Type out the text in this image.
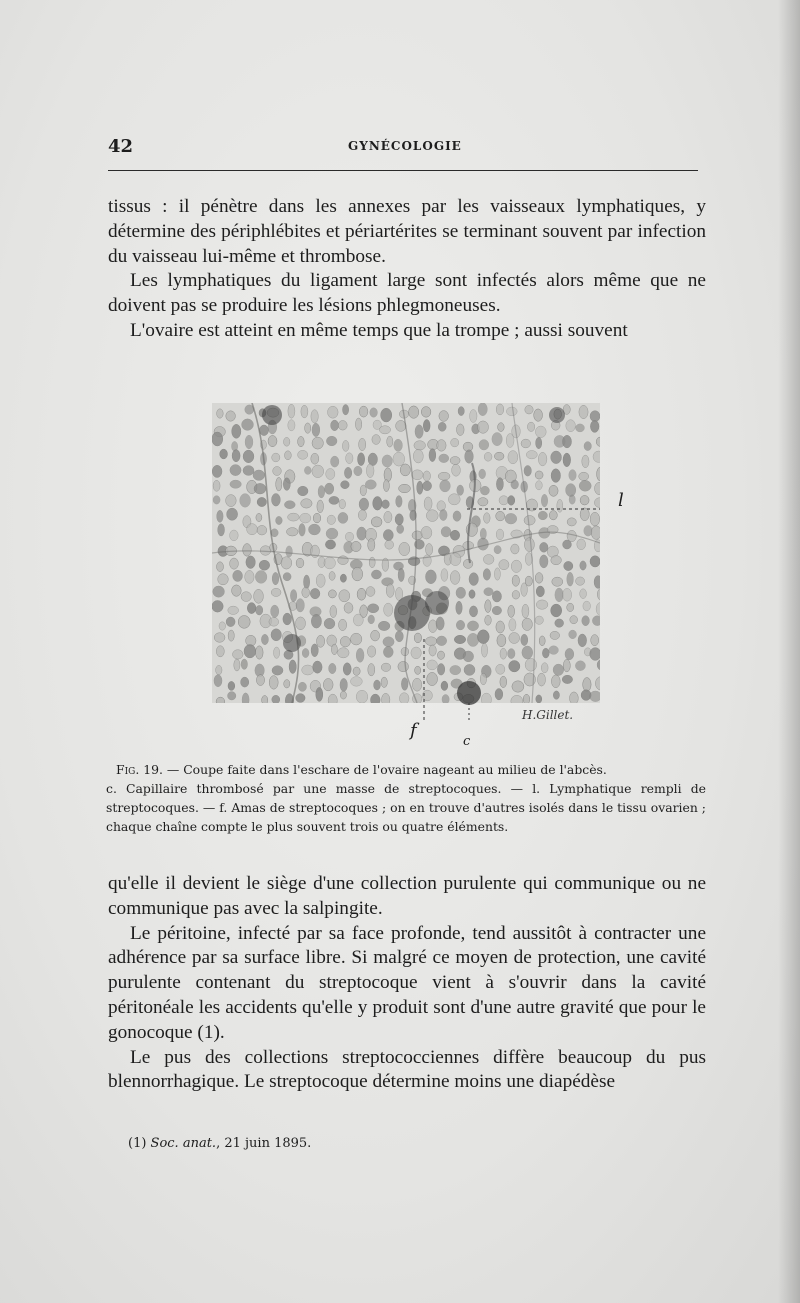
42	GYNÉCOLOGIE

tissus : il pénètre dans les annexes par les vaisseaux lymphatiques, y détermine des périphlébites et périartérites se terminant souvent par infection du vaisseau lui-même et thrombose.

Les lymphatiques du ligament large sont infectés alors même que ne doivent pas se produire les lésions phlegmoneuses.

L'ovaire est atteint en même temps que la trompe ; aussi souvent

H.Gillet.
l
f
c

Fig. 19. — Coupe faite dans l'eschare de l'ovaire nageant au milieu de l'abcès.

c. Capillaire thrombosé par une masse de streptocoques. — l. Lymphatique rempli de streptocoques. — f. Amas de streptocoques ; on en trouve d'autres isolés dans le tissu ovarien ; chaque chaîne compte le plus souvent trois ou quatre éléments.

qu'elle il devient le siège d'une collection purulente qui communique ou ne communique pas avec la salpingite.

Le péritoine, infecté par sa face profonde, tend aussitôt à contracter une adhérence par sa surface libre. Si malgré ce moyen de protection, une cavité purulente contenant du streptocoque vient à s'ouvrir dans la cavité péritonéale les accidents qu'elle y produit sont d'une autre gravité que pour le gonocoque (1).

Le pus des collections streptococciennes diffère beaucoup du pus blennorrhagique. Le streptocoque détermine moins une diapédèse

(1) Soc. anat., 21 juin 1895.
